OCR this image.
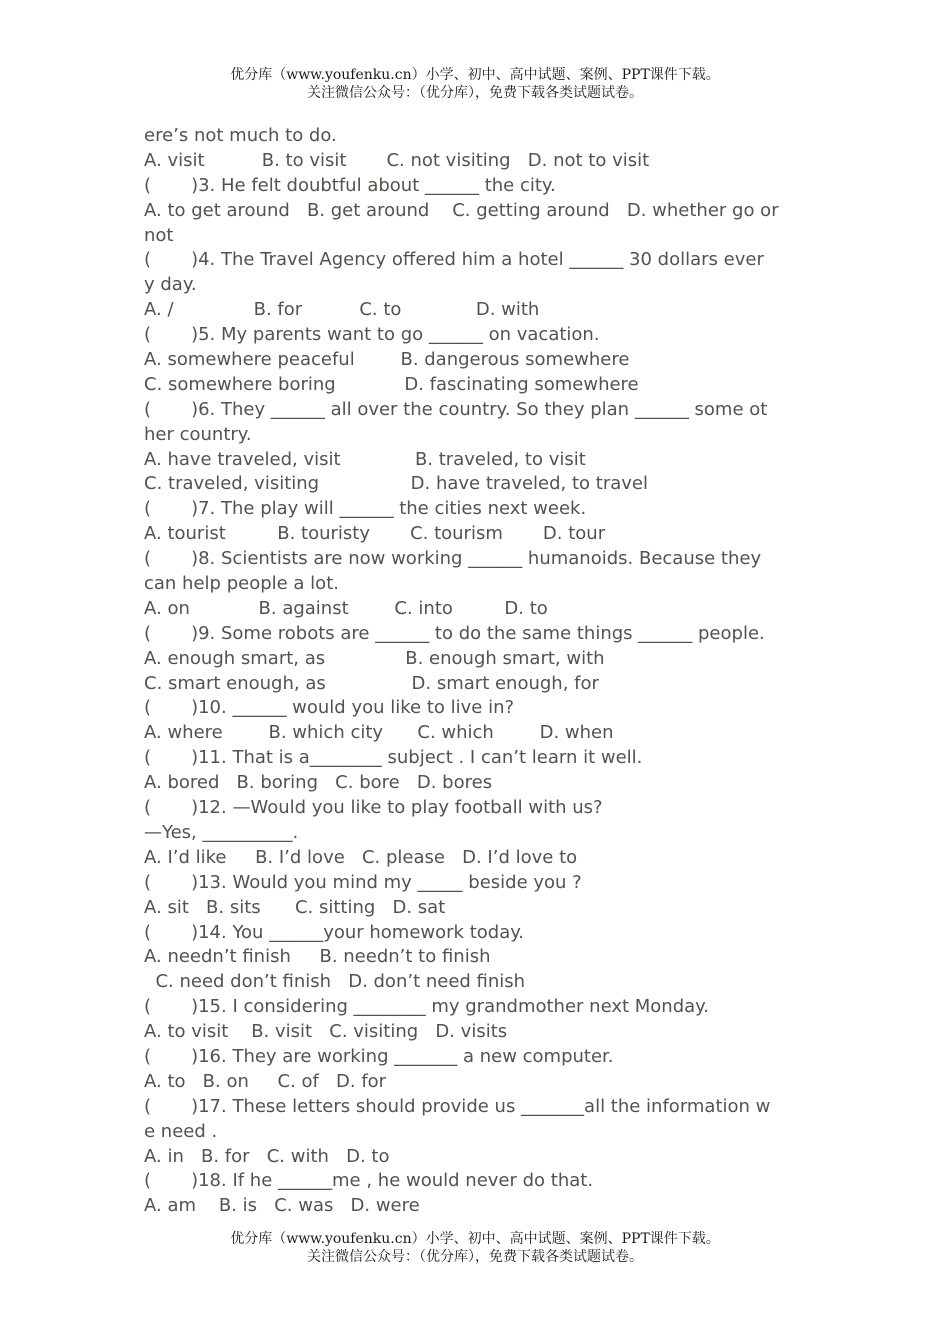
优分库（www.youfenku.cn）小学、初中、高中试题、案例、PPT课件下载。
关注微信公众号：（优分库），免费下载各类试题试卷。
ere’s not much to do.
A. visit          B. to visit       C. not visiting   D. not to visit
(       )3. He felt doubtful about ______ the city.
A. to get around   B. get around    C. getting around   D. whether go or
not
(       )4. The Travel Agency offered him a hotel ______ 30 dollars ever
y day.
A. /              B. for          C. to             D. with
(       )5. My parents want to go ______ on vacation.
A. somewhere peaceful        B. dangerous somewhere
C. somewhere boring            D. fascinating somewhere
(       )6. They ______ all over the country. So they plan ______ some ot
her country.
A. have traveled, visit             B. traveled, to visit
C. traveled, visiting                D. have traveled, to travel
(       )7. The play will ______ the cities next week.
A. tourist         B. touristy       C. tourism       D. tour
(       )8. Scientists are now working ______ humanoids. Because they
can help people a lot.
A. on            B. against        C. into         D. to
(       )9. Some robots are ______ to do the same things ______ people.
A. enough smart, as              B. enough smart, with
C. smart enough, as               D. smart enough, for
(       )10. ______ would you like to live in?
A. where        B. which city      C. which        D. when
(       )11. That is a________ subject . I can’t learn it well.
A. bored   B. boring   C. bore   D. bores
(       )12. —Would you like to play football with us?
—Yes, __________.
A. I’d like     B. I’d love   C. please   D. I’d love to
(       )13. Would you mind my _____ beside you ?
A. sit   B. sits      C. sitting   D. sat
(       )14. You ______your homework today.
A. needn’t finish     B. needn’t to finish
C. need don’t finish   D. don’t need finish
(       )15. I considering ________ my grandmother next Monday.
A. to visit    B. visit   C. visiting   D. visits
(       )16. They are working _______ a new computer.
A. to   B. on     C. of   D. for
(       )17. These letters should provide us _______all the information w
e need .
A. in   B. for   C. with   D. to
(       )18. If he ______me , he would never do that.
A. am    B. is   C. was   D. were
优分库（www.youfenku.cn）小学、初中、高中试题、案例、PPT课件下载。
关注微信公众号：（优分库），免费下载各类试题试卷。
